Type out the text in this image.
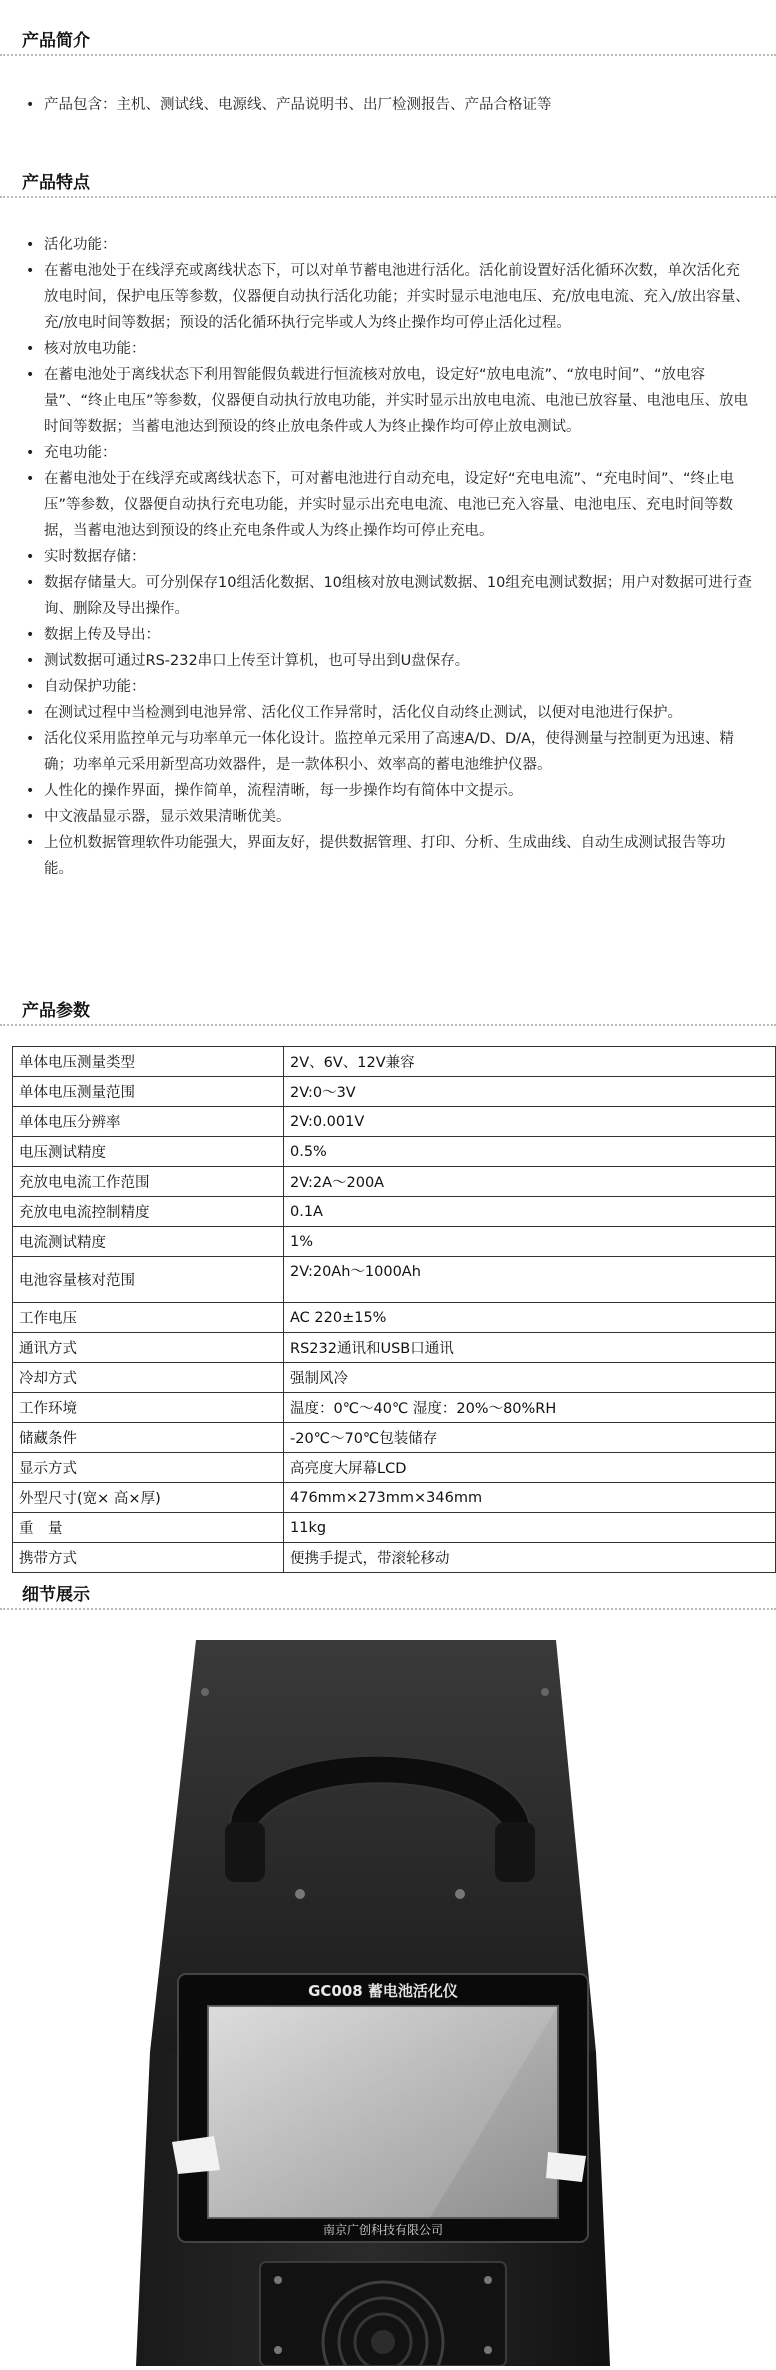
产品简介
• 产品包含：主机、测试线、电源线、产品说明书、出厂检测报告、产品合格证等
产品特点
• 活化功能：
• 在蓄电池处于在线浮充或离线状态下，可以对单节蓄电池进行活化。活化前设置好活化循环次数，单次活化充放电时间，保护电压等参数，仪器便自动执行活化功能；并实时显示电池电压、充/放电电流、充入/放出容量、充/放电时间等数据；预设的活化循环执行完毕或人为终止操作均可停止活化过程。
• 核对放电功能：
• 在蓄电池处于离线状态下利用智能假负载进行恒流核对放电，设定好“放电电流”、“放电时间”、“放电容量”、“终止电压”等参数，仪器便自动执行放电功能，并实时显示出放电电流、电池已放容量、电池电压、放电时间等数据；当蓄电池达到预设的终止放电条件或人为终止操作均可停止放电测试。
• 充电功能：
• 在蓄电池处于在线浮充或离线状态下，可对蓄电池进行自动充电，设定好“充电电流”、“充电时间”、“终止电压”等参数，仪器便自动执行充电功能，并实时显示出充电电流、电池已充入容量、电池电压、充电时间等数据，当蓄电池达到预设的终止充电条件或人为终止操作均可停止充电。
• 实时数据存储：
• 数据存储量大。可分别保存10组活化数据、10组核对放电测试数据、10组充电测试数据；用户对数据可进行查询、删除及导出操作。
• 数据上传及导出：
• 测试数据可通过RS-232串口上传至计算机，也可导出到U盘保存。
• 自动保护功能：
• 在测试过程中当检测到电池异常、活化仪工作异常时，活化仪自动终止测试，以便对电池进行保护。
• 活化仪采用监控单元与功率单元一体化设计。监控单元采用了高速A/D、D/A，使得测量与控制更为迅速、精确；功率单元采用新型高功效器件，是一款体积小、效率高的蓄电池维护仪器。
• 人性化的操作界面，操作简单，流程清晰，每一步操作均有简体中文提示。
• 中文液晶显示器，显示效果清晰优美。
• 上位机数据管理软件功能强大，界面友好，提供数据管理、打印、分析、生成曲线、自动生成测试报告等功能。
产品参数
单体电压测量类型	2V、6V、12V兼容
单体电压测量范围	2V:0～3V
单体电压分辨率	2V:0.001V
电压测试精度	0.5%
充放电电流工作范围	2V:2A～200A
充放电电流控制精度	0.1A
电流测试精度	1%
电池容量核对范围	2V:20Ah～1000Ah
工作电压	AC 220±15%
通讯方式	RS232通讯和USB口通讯
冷却方式	强制风冷
工作环境	温度：0℃～40℃ 湿度：20%～80%RH
储藏条件	-20℃～70℃包装储存
显示方式	高亮度大屏幕LCD
外型尺寸(宽× 高×厚)	476mm×273mm×346mm
重　量	11kg
携带方式	便携手提式，带滚轮移动
细节展示
GC008 蓄电池活化仪
南京广创科技有限公司
